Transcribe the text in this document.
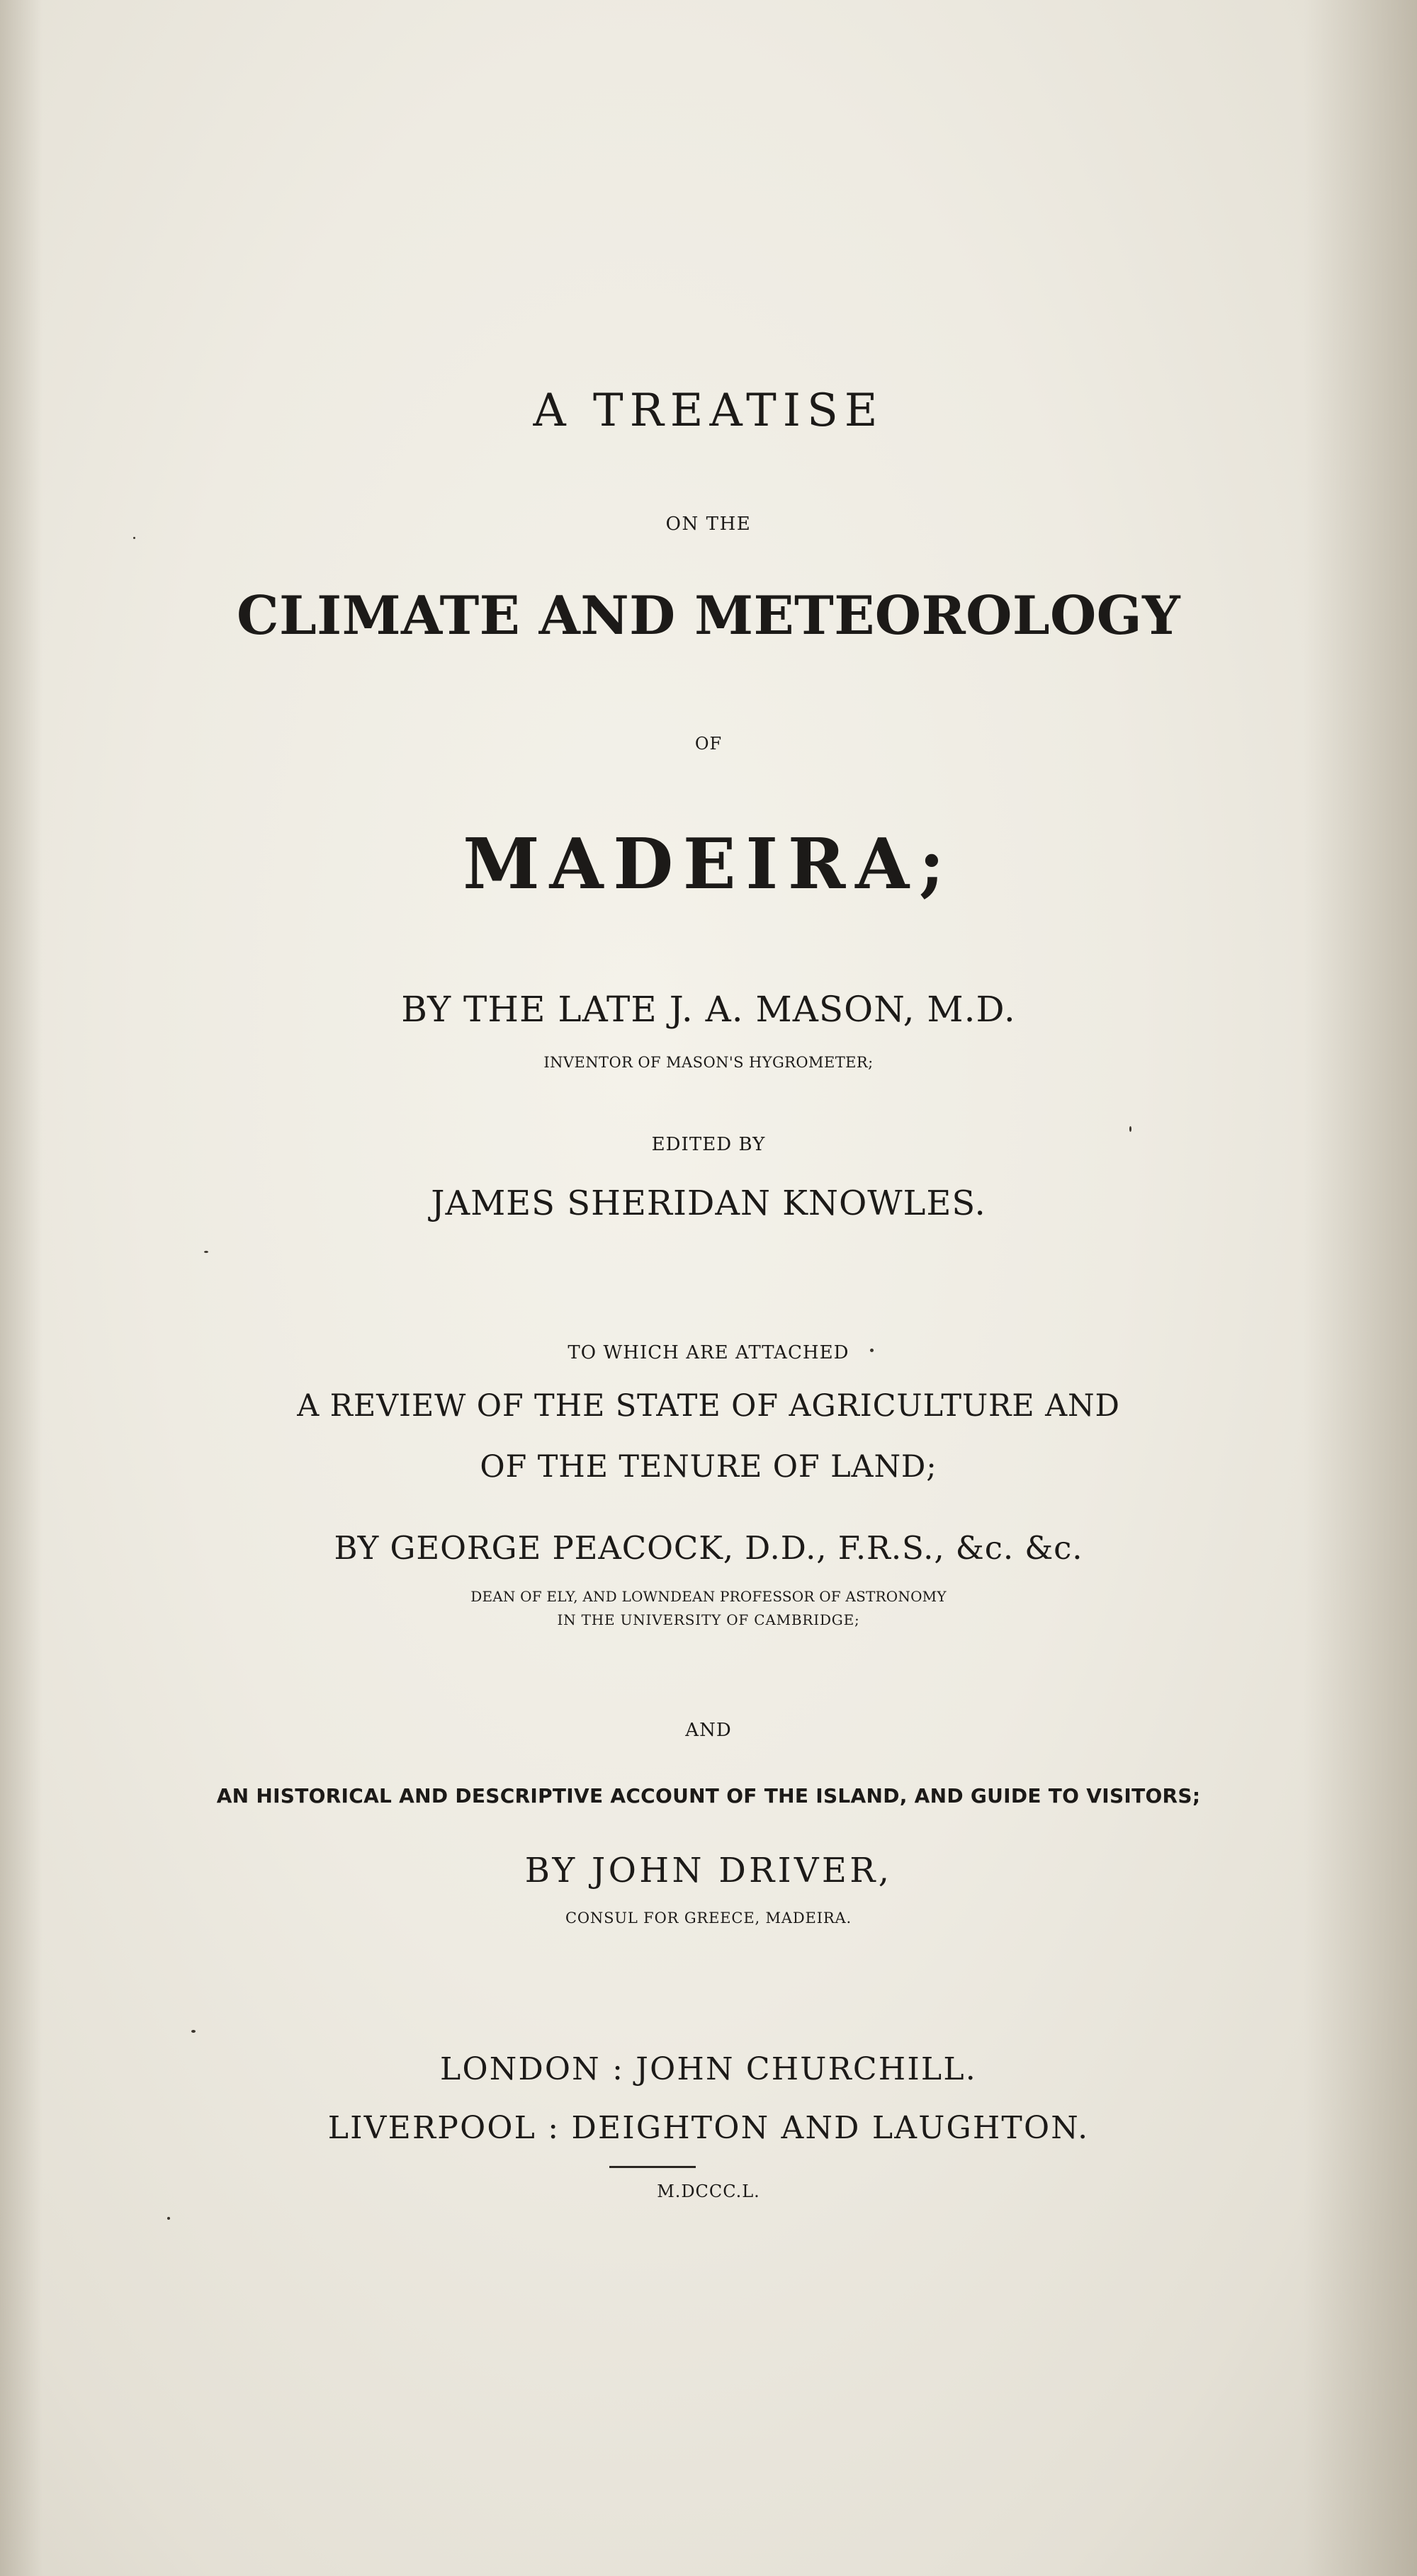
A TREATISE
ON THE
CLIMATE AND METEOROLOGY
OF
MADEIRA;
BY THE LATE J. A. MASON, M.D.
INVENTOR OF MASON'S HYGROMETER;
EDITED BY
JAMES SHERIDAN KNOWLES.
TO WHICH ARE ATTACHED
A REVIEW OF THE STATE OF AGRICULTURE AND
OF THE TENURE OF LAND;
BY GEORGE PEACOCK, D.D., F.R.S., &c. &c.
DEAN OF ELY, AND LOWNDEAN PROFESSOR OF ASTRONOMY
IN THE UNIVERSITY OF CAMBRIDGE;
AND
AN HISTORICAL AND DESCRIPTIVE ACCOUNT OF THE ISLAND, AND GUIDE TO VISITORS;
BY JOHN DRIVER,
CONSUL FOR GREECE, MADEIRA.
LONDON : JOHN CHURCHILL.
LIVERPOOL : DEIGHTON AND LAUGHTON.
M.DCCC.L.
